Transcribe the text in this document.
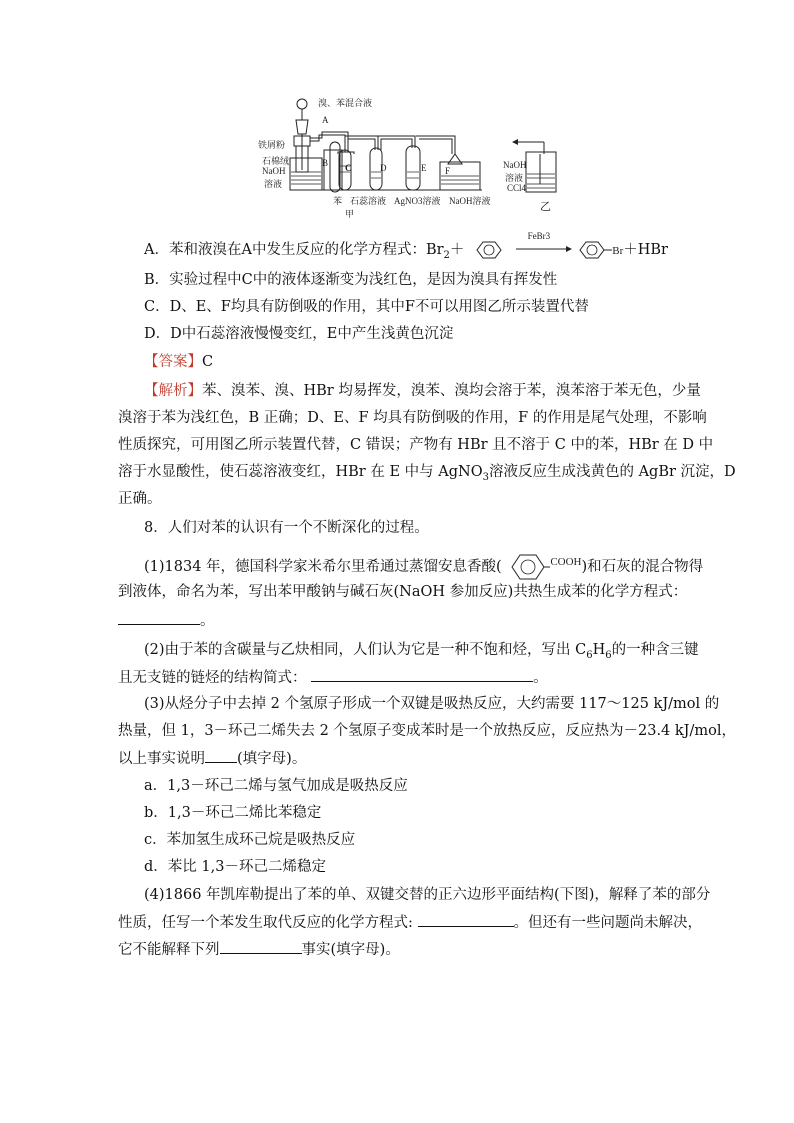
溴、苯混合液
A
铁屑粉
B
石棉绒
NaOH
溶液
C	D	E F
苯
甲
石蕊溶液 AgNO3溶液 NaOH溶液
NaOH
溶液
CCl4
乙
A．苯和液溴在A中发生反应的化学方程式：$Br_2+$
FeBr3
Br＋HBr
B．实验过程中C中的液体逐渐变为浅红色，是因为溴具有挥发性
C．D、E、F均具有防倒吸的作用，其中F不可以用图乙所示装置代替
D．D中石蕊溶液慢慢变红，E中产生浅黄色沉淀
【答案】C
【解析】苯、溴苯、溴、HBr 均易挥发，溴苯、溴均会溶于苯，溴苯溶于苯无色，少量
溴溶于苯为浅红色，B 正确；D、E、F 均具有防倒吸的作用，F 的作用是尾气处理，不影响
性质探究，可用图乙所示装置代替，C 错误；产物有 HBr 且不溶于 C 中的苯，HBr 在 D 中
溶于水显酸性，使石蕊溶液变红，HBr 在 E 中与 AgNO$_3$溶液反应生成浅黄色的 AgBr 沉淀，D
正确。
8．人们对苯的认识有一个不断深化的过程。
(1)1834 年，德国科学家米希尔里希通过蒸馏安息香酸(	$^{COOH}$)和石灰的混合物得
到液体，命名为苯，写出苯甲酸钠与碱石灰(NaOH 参加反应)共热生成苯的化学方程式：
。
(2)由于苯的含碳量与乙炔相同，人们认为它是一种不饱和烃，写出 $C_6H_6$的一种含三键
且无支链的链烃的结构简式：	。
(3)从烃分子中去掉 2 个氢原子形成一个双键是吸热反应，大约需要 117～125 kJ/mol 的
热量，但 1，3－环己二烯失去 2 个氢原子变成苯时是一个放热反应，反应热为－23.4 kJ/mol，
以上事实说明 (填字母)。
a．1,3－环己二烯与氢气加成是吸热反应
b．1,3－环己二烯比苯稳定
c．苯加氢生成环己烷是吸热反应
d．苯比 1,3－环己二烯稳定
(4)1866 年凯库勒提出了苯的单、双键交替的正六边形平面结构(下图)，解释了苯的部分
性质，任写一个苯发生取代反应的化学方程式:	。但还有一些问题尚未解决，
它不能解释下列	事实(填字母)。
